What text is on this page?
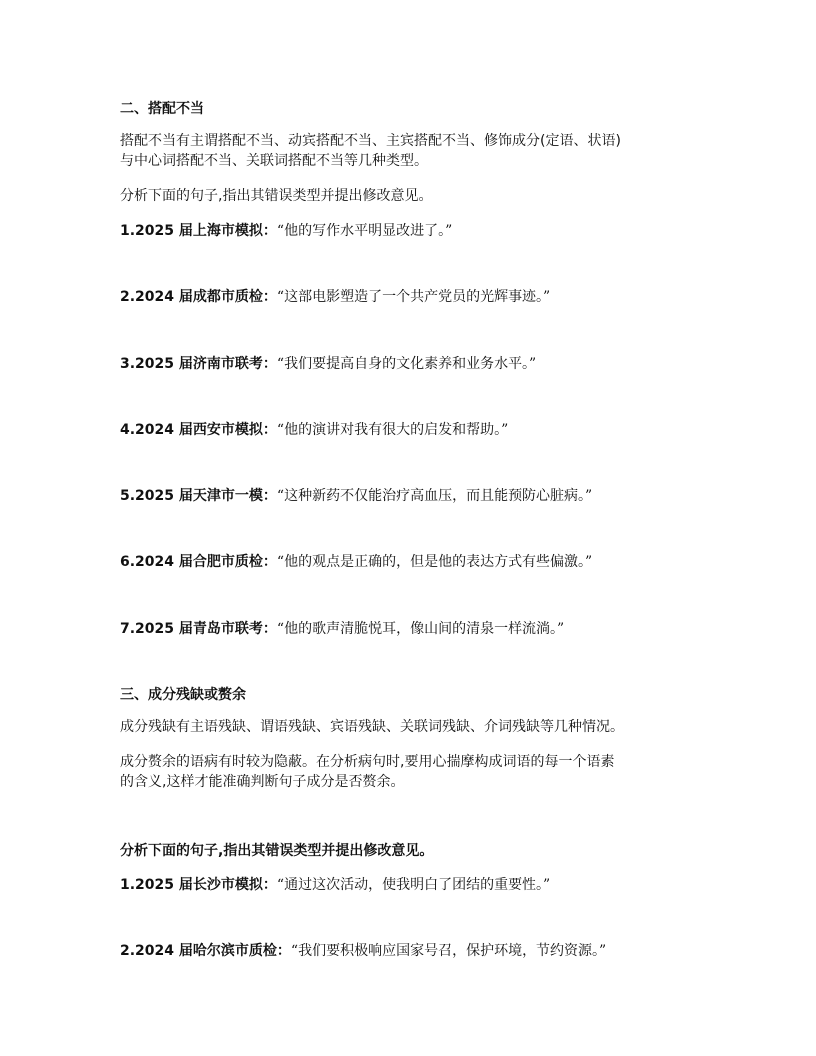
二、搭配不当
搭配不当有主谓搭配不当、动宾搭配不当、主宾搭配不当、修饰成分(定语、状语)
与中心词搭配不当、关联词搭配不当等几种类型。
分析下面的句子,指出其错误类型并提出修改意见。
1.2025 届上海市模拟：“他的写作水平明显改进了。”
2.2024 届成都市质检：“这部电影塑造了一个共产党员的光辉事迹。”
3.2025 届济南市联考：“我们要提高自身的文化素养和业务水平。”
4.2024 届西安市模拟：“他的演讲对我有很大的启发和帮助。”
5.2025 届天津市一模：“这种新药不仅能治疗高血压，而且能预防心脏病。”
6.2024 届合肥市质检：“他的观点是正确的，但是他的表达方式有些偏激。”
7.2025 届青岛市联考：“他的歌声清脆悦耳，像山间的清泉一样流淌。”
三、成分残缺或赘余
成分残缺有主语残缺、谓语残缺、宾语残缺、关联词残缺、介词残缺等几种情况。
成分赘余的语病有时较为隐蔽。在分析病句时,要用心揣摩构成词语的每一个语素
的含义,这样才能准确判断句子成分是否赘余。
分析下面的句子,指出其错误类型并提出修改意见。
1.2025 届长沙市模拟：“通过这次活动，使我明白了团结的重要性。”
2.2024 届哈尔滨市质检：“我们要积极响应国家号召，保护环境，节约资源。”
